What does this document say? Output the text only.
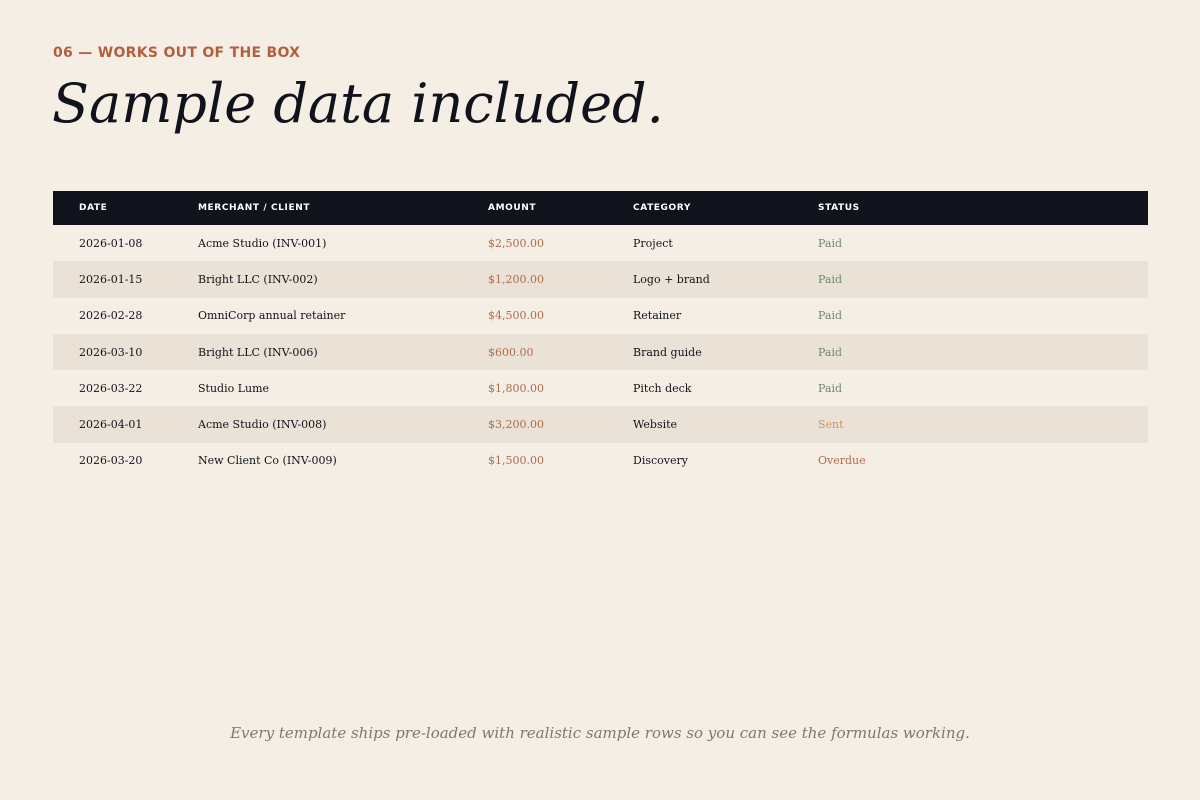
06 — WORKS OUT OF THE BOX
Sample data included.
DATE	MERCHANT / CLIENT	AMOUNT	CATEGORY	STATUS
2026-01-08	Acme Studio (INV-001)	$2,500.00	Project	Paid
2026-01-15	Bright LLC (INV-002)	$1,200.00	Logo + brand	Paid
2026-02-28	OmniCorp annual retainer	$4,500.00	Retainer	Paid
2026-03-10	Bright LLC (INV-006)	$600.00	Brand guide	Paid
2026-03-22	Studio Lume	$1,800.00	Pitch deck	Paid
2026-04-01	Acme Studio (INV-008)	$3,200.00	Website	Sent
2026-03-20	New Client Co (INV-009)	$1,500.00	Discovery	Overdue
Every template ships pre-loaded with realistic sample rows so you can see the formulas working.
